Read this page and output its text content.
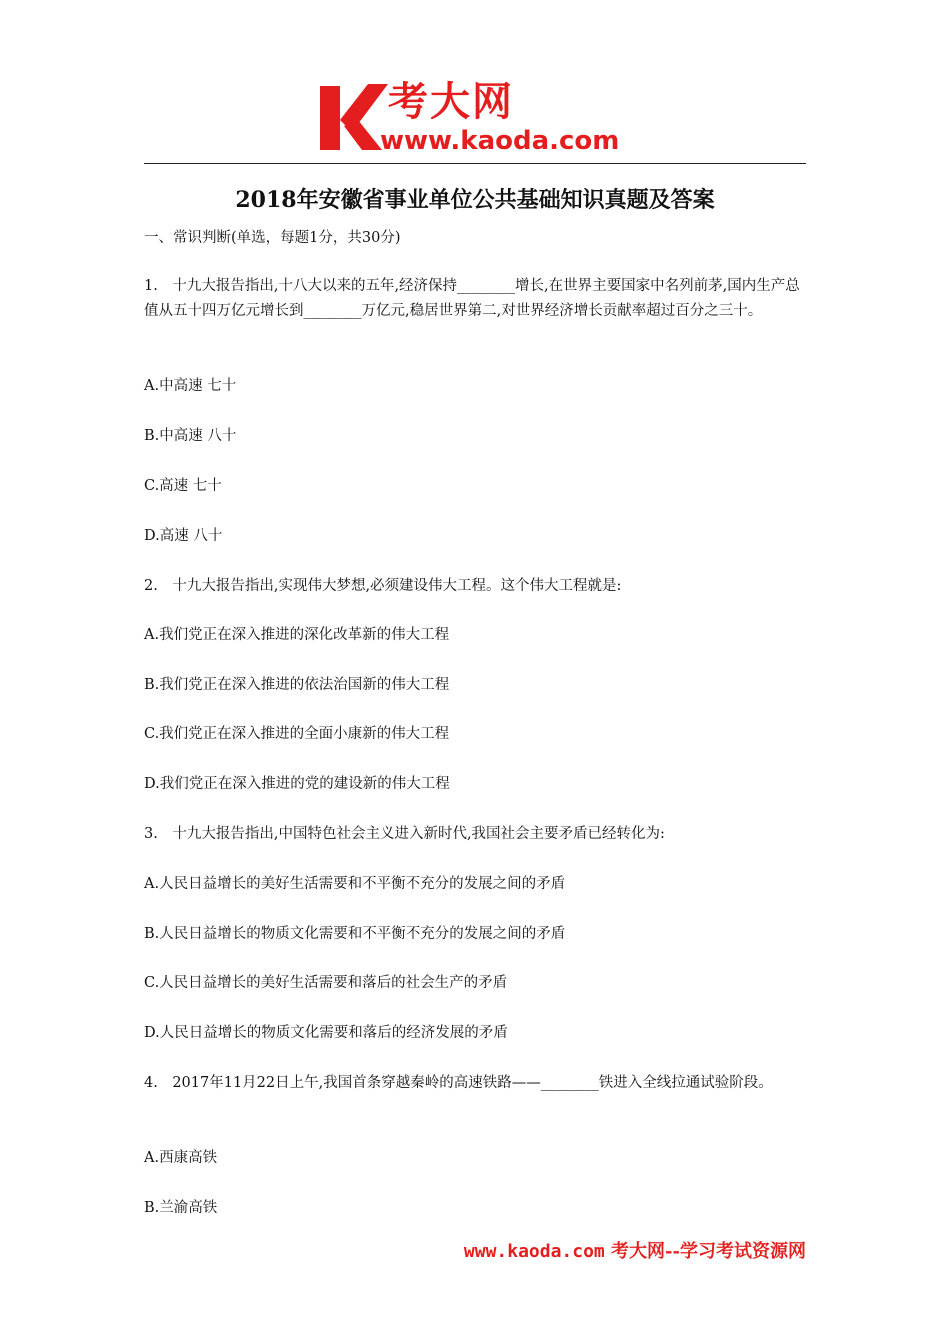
考大网
www.kaoda.com
2018年安徽省事业单位公共基础知识真题及答案

一、常识判断(单选，每题1分，共30分)

1.　十九大报告指出,十八大以来的五年,经济保持________增长,在世界主要国家中名列前茅,国内生产总值从五十四万亿元增长到________万亿元,稳居世界第二,对世界经济增长贡献率超过百分之三十。

A.中高速 七十

B.中高速 八十

C.高速 七十

D.高速 八十

2.　十九大报告指出,实现伟大梦想,必须建设伟大工程。这个伟大工程就是:

A.我们党正在深入推进的深化改革新的伟大工程

B.我们党正在深入推进的依法治国新的伟大工程

C.我们党正在深入推进的全面小康新的伟大工程

D.我们党正在深入推进的党的建设新的伟大工程

3.　十九大报告指出,中国特色社会主义进入新时代,我国社会主要矛盾已经转化为:

A.人民日益增长的美好生活需要和不平衡不充分的发展之间的矛盾

B.人民日益增长的物质文化需要和不平衡不充分的发展之间的矛盾

C.人民日益增长的美好生活需要和落后的社会生产的矛盾

D.人民日益增长的物质文化需要和落后的经济发展的矛盾

4.　2017年11月22日上午,我国首条穿越秦岭的高速铁路——________铁进入全线拉通试验阶段。

A.西康高铁

B.兰渝高铁

www.kaoda.com 考大网--学习考试资源网
